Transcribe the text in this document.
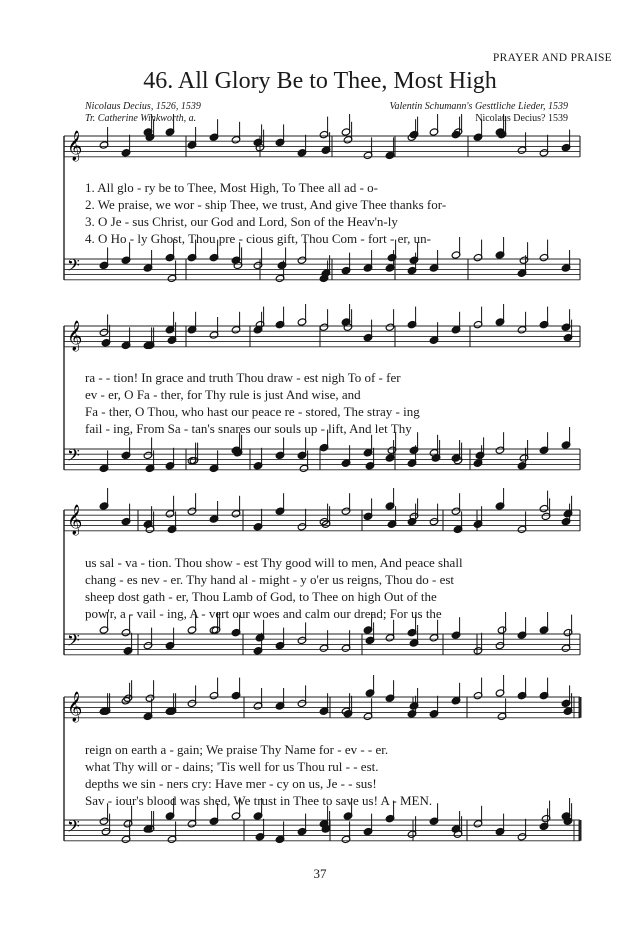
PRAYER AND PRAISE
46. All Glory Be to Thee, Most High
Nicolaus Decius, 1526, 1539
Tr. Catherine Winkworth, a.
Valentin Schumann's Gesttliche Lieder, 1539
Nicolaus Decius? 1539
𝄞
𝄢
𝄞
𝄢
𝄞
𝄢
𝄞
𝄢
1. All glo - ry be to Thee, Most High, To Thee all ad - o-
2. We praise, we wor - ship Thee, we trust, And give Thee thanks for-
3. O Je - sus Christ, our God and Lord, Son of the Heav'n-ly
4. O Ho - ly Ghost, Thou pre - cious gift, Thou Com - fort - er, un-
ra - - tion! In grace and truth Thou draw - est nigh To of - fer
ev - er, O Fa - ther, for Thy rule is just And wise, and
Fa - ther, O Thou, who hast our peace re - stored, The stray - ing
fail - ing, From Sa - tan's snares our souls up - lift, And let Thy
us sal - va - tion. Thou show - est Thy good will to men, And peace shall
chang - es nev - er. Thy hand al - might - y o'er us reigns, Thou do - est
sheep dost gath - er, Thou Lamb of God, to Thee on high Out of the
pow'r, a - vail - ing, A - vert our woes and calm our dread; For us the
reign on earth a - gain; We praise Thy Name for - ev - - er.
what Thy will or - dains; 'Tis well for us Thou rul - - est.
depths we sin - ners cry: Have mer - cy on us, Je - - sus!
Sav - iour's blood was shed, We trust in Thee to save us! A - MEN.
37
